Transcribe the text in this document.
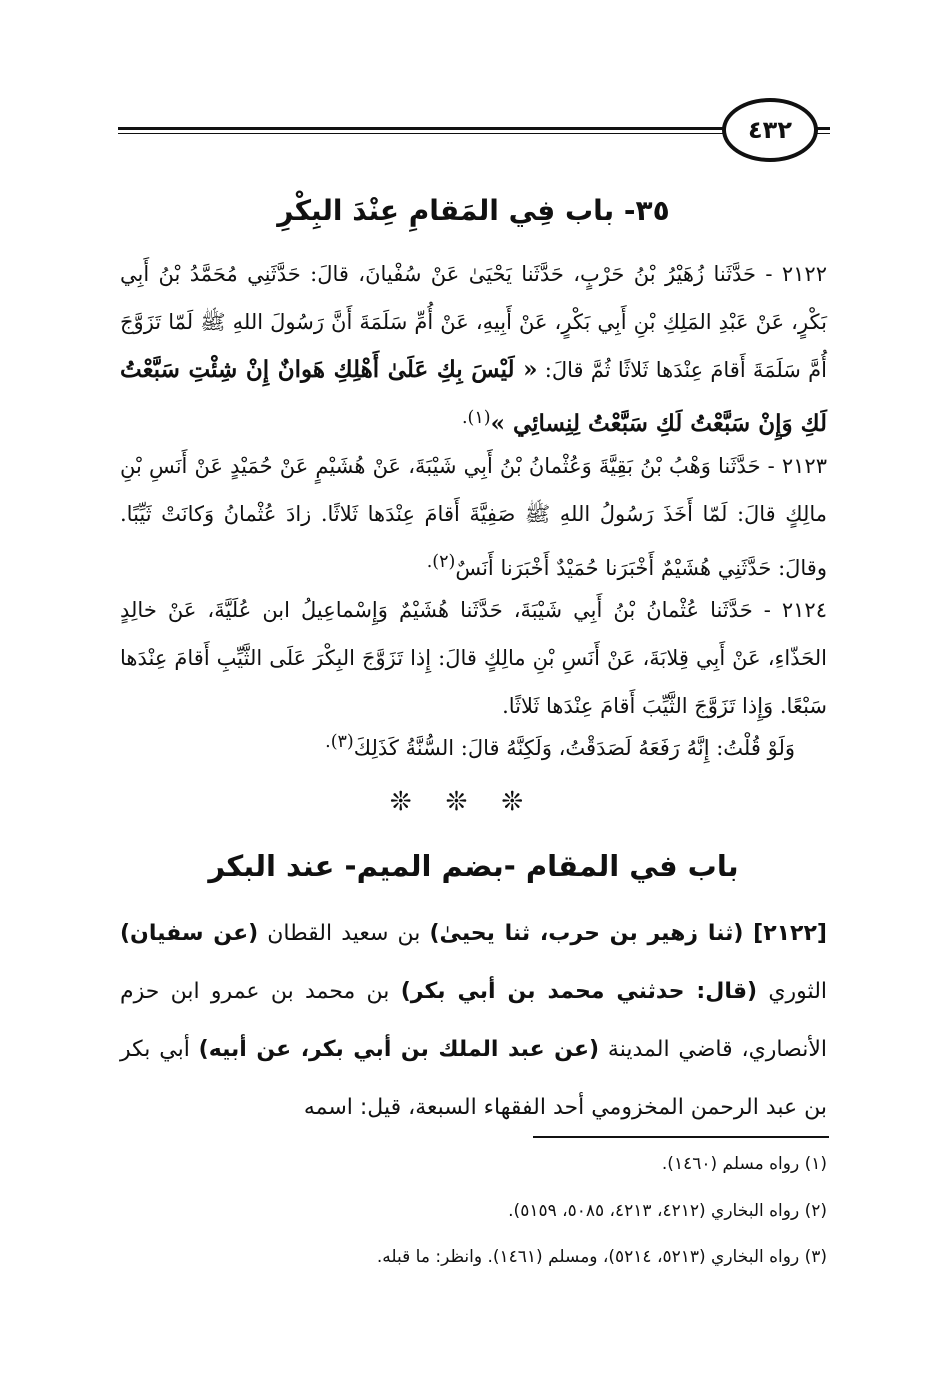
٤٣٢
٣٥- باب فِي المَقامِ عِنْدَ البِكْرِ
٢١٢٢ - حَدَّثَنا زُهَيْرُ بْنُ حَرْبٍ، حَدَّثَنا يَحْيَىٰ عَنْ سُفْيانَ، قالَ: حَدَّثَنِي مُحَمَّدُ بْنُ أَبِي بَكْرٍ، عَنْ عَبْدِ المَلِكِ بْنِ أَبِي بَكْرٍ، عَنْ أَبِيهِ، عَنْ أُمِّ سَلَمَةَ أَنَّ رَسُولَ اللهِ ﷺ لَمّا تَزَوَّجَ أُمَّ سَلَمَةَ أَقامَ عِنْدَها ثَلاثًا ثُمَّ قالَ: « لَيْسَ بِكِ عَلَىٰ أَهْلِكِ هَوانٌ إِنْ شِئْتِ سَبَّعْتُ لَكِ وَإِنْ سَبَّعْتُ لَكِ سَبَّعْتُ لِنِسائِي »$^{(١).}$
٢١٢٣ - حَدَّثَنا وَهْبُ بْنُ بَقِيَّةَ وَعُثْمانُ بْنُ أَبِي شَيْبَةَ، عَنْ هُشَيْمٍ عَنْ حُمَيْدٍ عَنْ أَنَسِ بْنِ مالِكٍ قالَ: لَمّا أَخَذَ رَسُولُ اللهِ ﷺ صَفِيَّةَ أَقامَ عِنْدَها ثَلاثًا. زادَ عُثْمانُ وَكانَتْ ثَيِّبًا. وقالَ: حَدَّثَنِي هُشَيْمٌ أَخْبَرَنا حُمَيْدٌ أَخْبَرَنا أَنَسٌ$^{(٢).}$
٢١٢٤ - حَدَّثَنا عُثْمانُ بْنُ أَبِي شَيْبَةَ، حَدَّثَنا هُشَيْمٌ وَإِسْماعِيلُ ابن عُلَيَّةَ، عَنْ خالِدٍ الحَذّاءِ، عَنْ أَبِي قِلابَةَ، عَنْ أَنَسِ بْنِ مالِكٍ قالَ: إِذا تَزَوَّجَ البِكْرَ عَلَى الثَّيِّبِ أَقامَ عِنْدَها سَبْعًا. وَإِذا تَزَوَّجَ الثَّيِّبَ أَقامَ عِنْدَها ثَلاثًا.
وَلَوْ قُلْتُ: إِنَّهُ رَفَعَهُ لَصَدَقْتُ، وَلَكِنَّهُ قالَ: السُّنَّةُ كَذَلِكَ$^{(٣).}$
❊❊❊
باب في المقام -بضم الميم- عند البكر
[٢١٢٢] (ثنا زهير بن حرب، ثنا يحيىٰ) بن سعيد القطان (عن سفيان) الثوري (قال: حدثني محمد بن أبي بكر) بن محمد بن عمرو ابن حزم الأنصاري، قاضي المدينة (عن عبد الملك بن أبي بكر، عن أبيه) أبي بكر بن عبد الرحمن المخزومي أحد الفقهاء السبعة، قيل: اسمه
(١) رواه مسلم (١٤٦٠).
(٢) رواه البخاري (٤٢١٢، ٤٢١٣، ٥٠٨٥، ٥١٥٩).
(٣) رواه البخاري (٥٢١٣، ٥٢١٤)، ومسلم (١٤٦١). وانظر: ما قبله.
